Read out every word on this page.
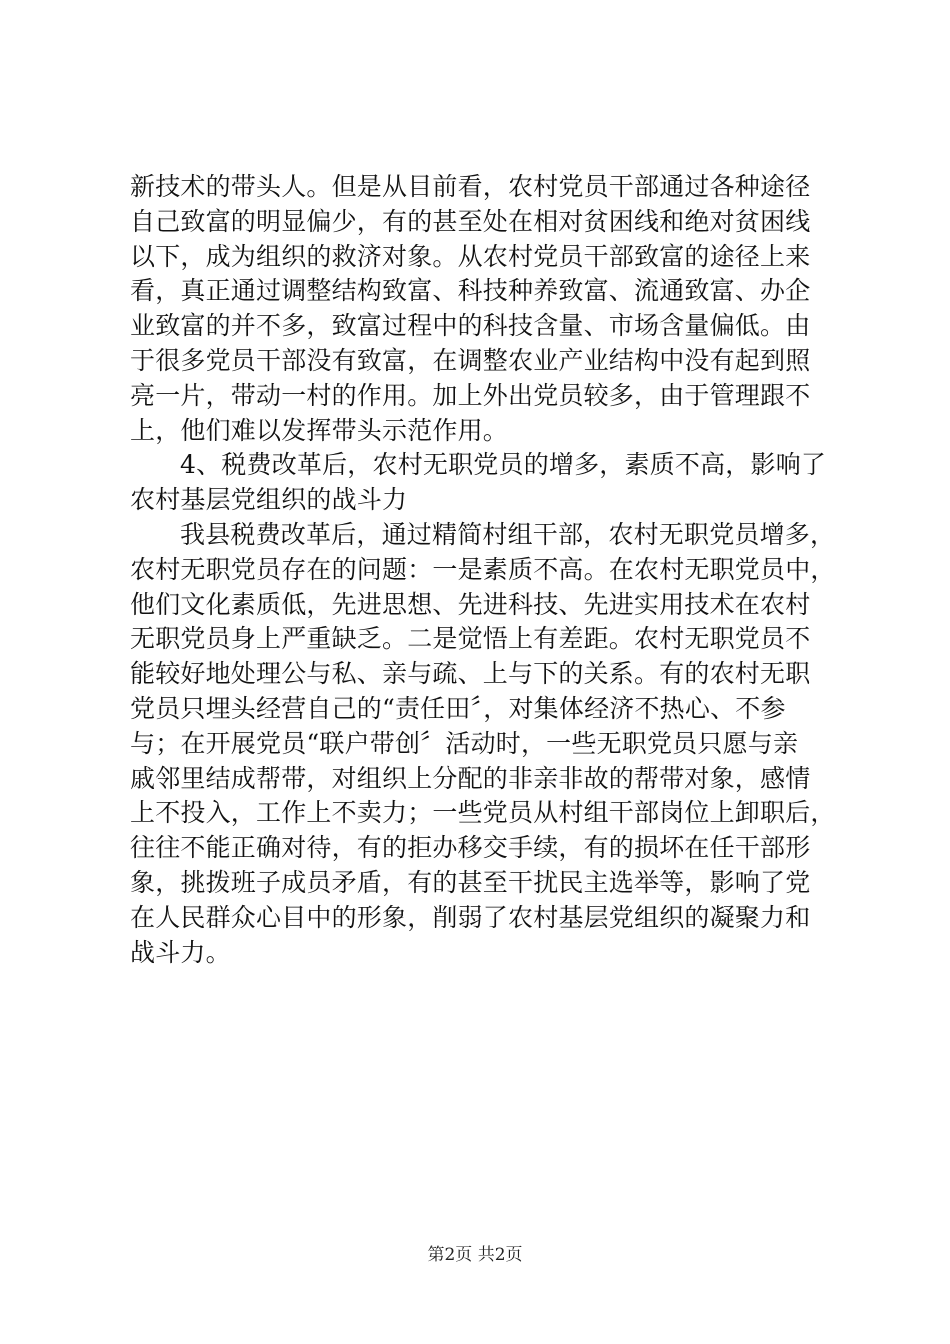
新技术的带头人。但是从目前看，农村党员干部通过各种途径
自己致富的明显偏少，有的甚至处在相对贫困线和绝对贫困线
以下，成为组织的救济对象。从农村党员干部致富的途径上来
看，真正通过调整结构致富、科技种养致富、流通致富、办企
业致富的并不多，致富过程中的科技含量、市场含量偏低。由
于很多党员干部没有致富，在调整农业产业结构中没有起到照
亮一片，带动一村的作用。加上外出党员较多，由于管理跟不
上，他们难以发挥带头示范作用。
4、税费改革后，农村无职党员的增多，素质不高，影响了
农村基层党组织的战斗力
我县税费改革后，通过精简村组干部，农村无职党员增多，
农村无职党员存在的问题：一是素质不高。在农村无职党员中，
他们文化素质低，先进思想、先进科技、先进实用技术在农村
无职党员身上严重缺乏。二是觉悟上有差距。农村无职党员不
能较好地处理公与私、亲与疏、上与下的关系。有的农村无职
党员只埋头经营自己的“责任田〞，对集体经济不热心、不参
与；在开展党员“联户带创〞活动时，一些无职党员只愿与亲
戚邻里结成帮带，对组织上分配的非亲非故的帮带对象，感情
上不投入，工作上不卖力；一些党员从村组干部岗位上卸职后，
往往不能正确对待，有的拒办移交手续，有的损坏在任干部形
象，挑拨班子成员矛盾，有的甚至干扰民主选举等，影响了党
在人民群众心目中的形象，削弱了农村基层党组织的凝聚力和
战斗力。
第2页 共2页
